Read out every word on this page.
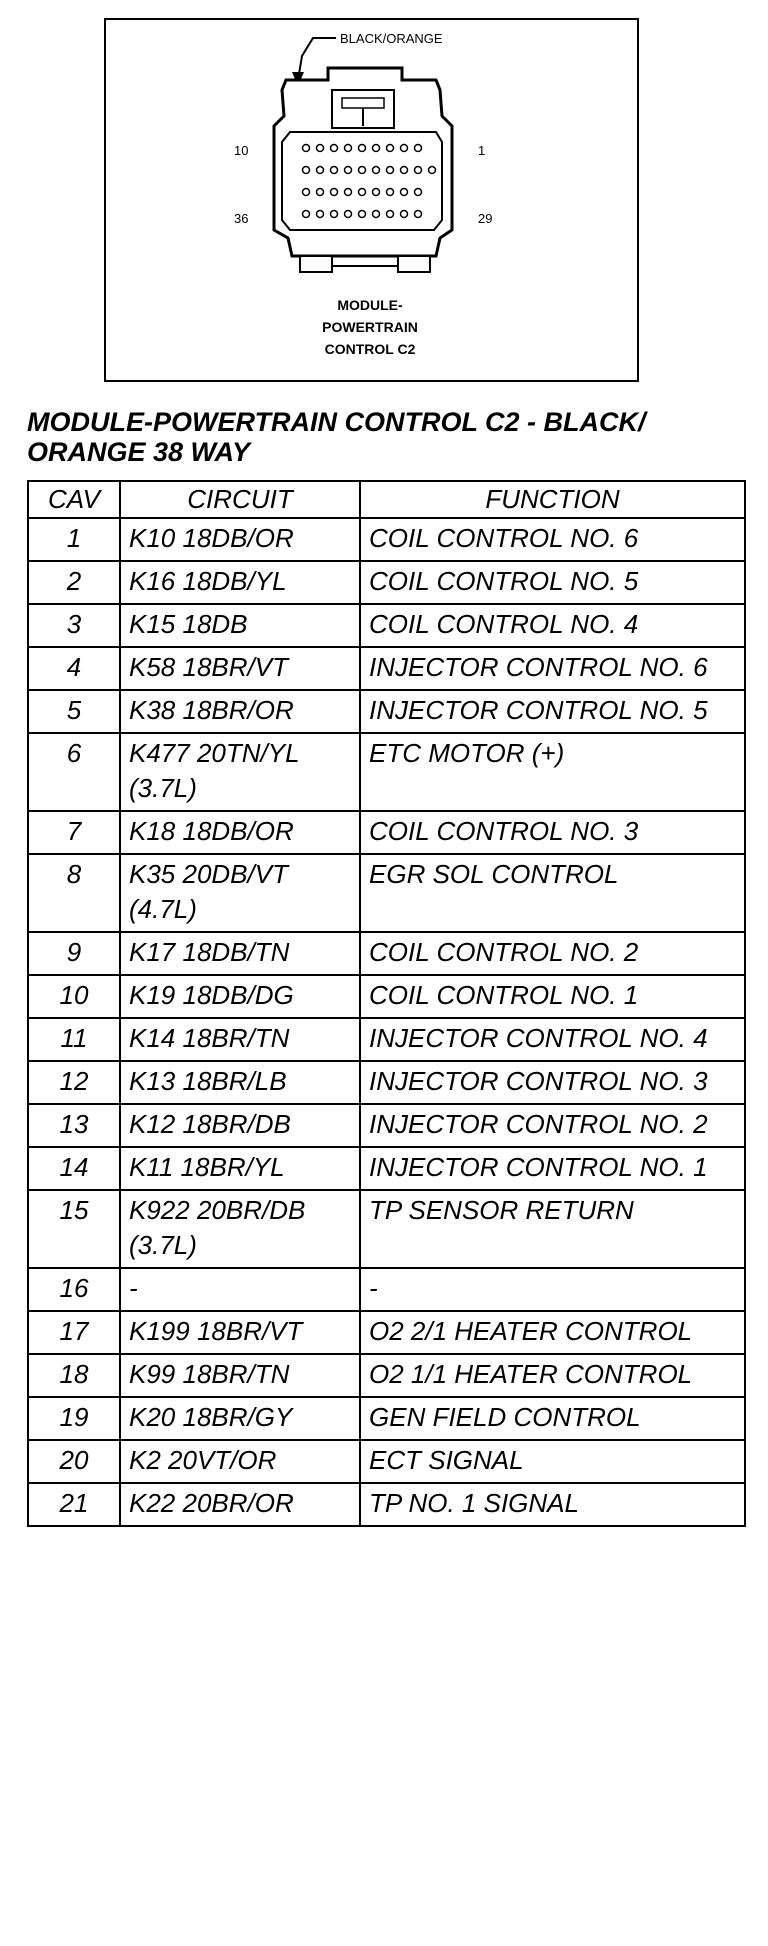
BLACK/ORANGE
10	1
36	29
MODULE-
POWERTRAIN
CONTROL C2
MODULE-POWERTRAIN CONTROL C2 - BLACK/ ORANGE 38 WAY
CAV	CIRCUIT	FUNCTION
1	K10 18DB/OR	COIL CONTROL NO. 6
2	K16 18DB/YL	COIL CONTROL NO. 5
3	K15 18DB	COIL CONTROL NO. 4
4	K58 18BR/VT	INJECTOR CONTROL NO. 6
5	K38 18BR/OR	INJECTOR CONTROL NO. 5
6	K477 20TN/YL (3.7L)	ETC MOTOR (+)
7	K18 18DB/OR	COIL CONTROL NO. 3
8	K35 20DB/VT (4.7L)	EGR SOL CONTROL
9	K17 18DB/TN	COIL CONTROL NO. 2
10	K19 18DB/DG	COIL CONTROL NO. 1
11	K14 18BR/TN	INJECTOR CONTROL NO. 4
12	K13 18BR/LB	INJECTOR CONTROL NO. 3
13	K12 18BR/DB	INJECTOR CONTROL NO. 2
14	K11 18BR/YL	INJECTOR CONTROL NO. 1
15	K922 20BR/DB (3.7L)	TP SENSOR RETURN
16	-	-
17	K199 18BR/VT	O2 2/1 HEATER CONTROL
18	K99 18BR/TN	O2 1/1 HEATER CONTROL
19	K20 18BR/GY	GEN FIELD CONTROL
20	K2 20VT/OR	ECT SIGNAL
21	K22 20BR/OR	TP NO. 1 SIGNAL
